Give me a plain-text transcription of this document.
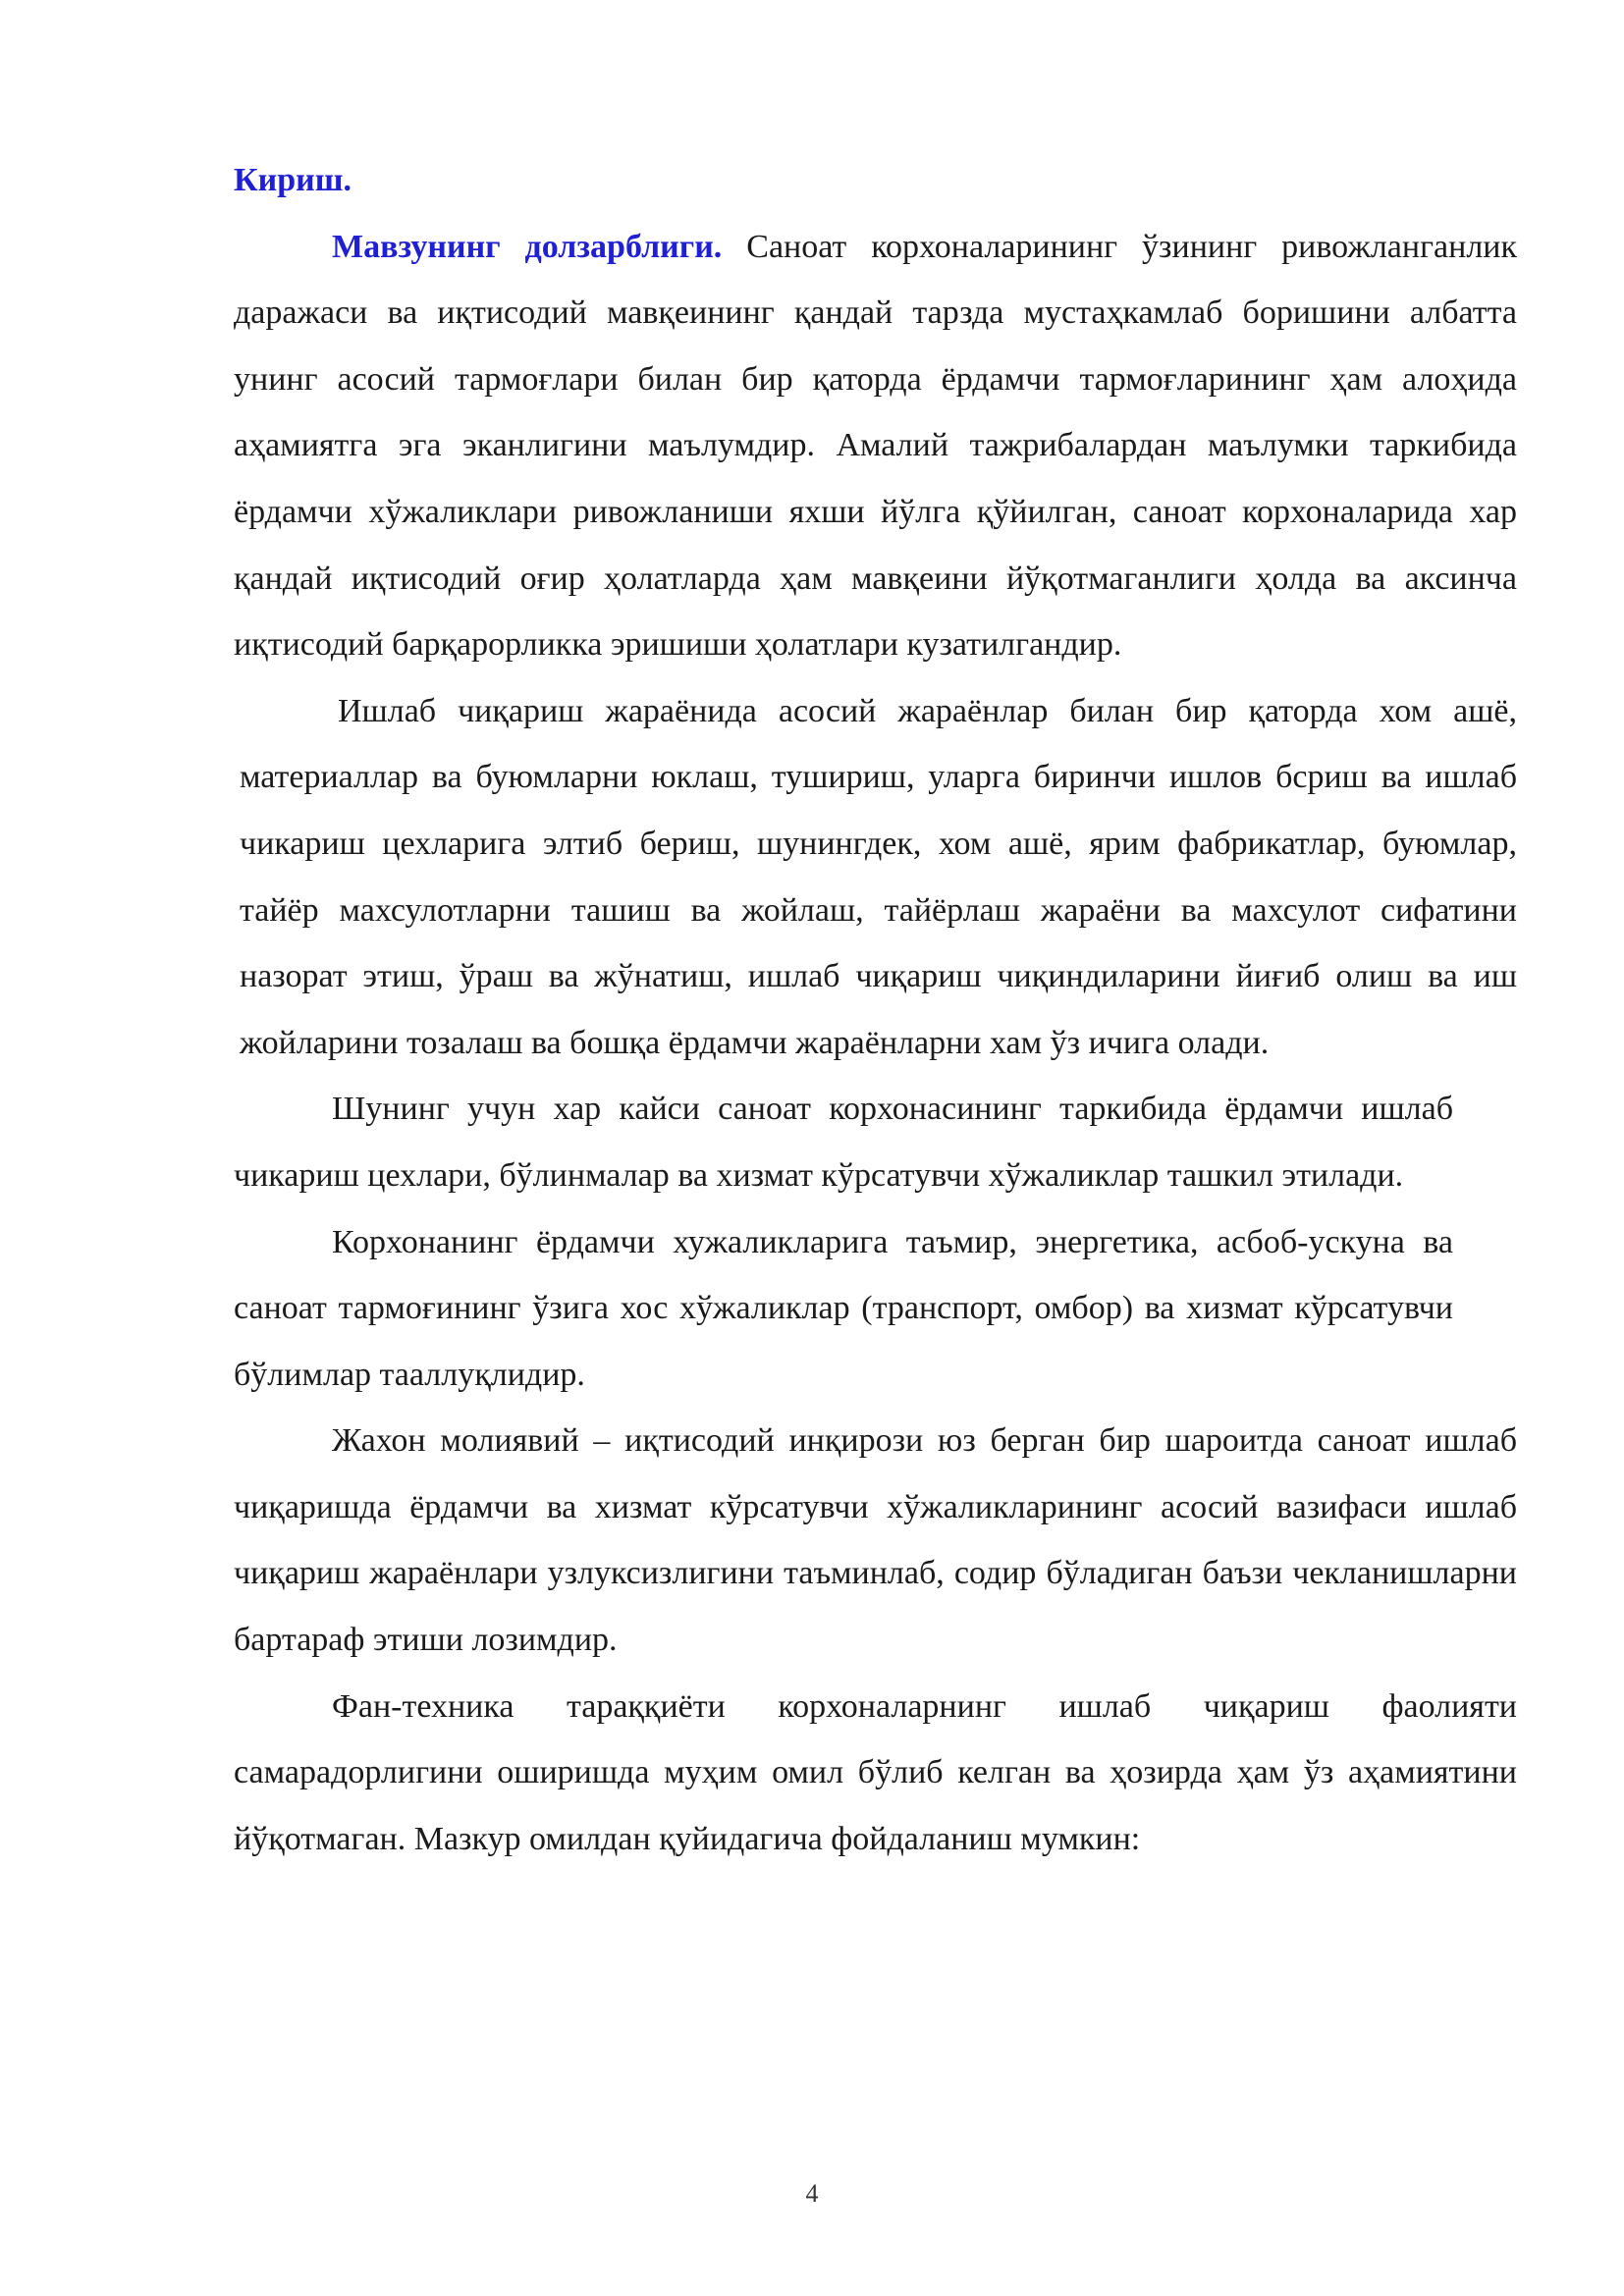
Кириш.

Мавзунинг долзарблиги. Саноат корхоналарининг ўзининг ривожланганлик даражаси ва иқтисодий мавқеининг қандай тарзда мустаҳкамлаб боришини албатта унинг асосий тармоғлари билан бир қаторда ёрдамчи тармоғларининг ҳам алоҳида аҳамиятга эга эканлигини маълумдир. Амалий тажрибалардан маълумки таркибида ёрдамчи хўжаликлари ривожланиши яхши йўлга қўйилган, саноат корхоналарида хар қандай иқтисодий оғир ҳолатларда ҳам мавқеини йўқотмаганлиги ҳолда ва аксинча иқтисодий барқарорликка эришиши ҳолатлари кузатилгандир.

Ишлаб чиқариш жараёнида асосий жараёнлар билан бир қаторда хом ашё, материаллар ва буюмларни юклаш, тушириш, уларга биринчи ишлов бсриш ва ишлаб чикариш цехларига элтиб бериш, шунингдек, хом ашё, ярим фабрикатлар, буюмлар, тайёр махсулотларни ташиш ва жойлаш, тайёрлаш жараёни ва махсулот сифатини назорат этиш, ўраш ва жўнатиш, ишлаб чиқариш чиқиндиларини йиғиб олиш ва иш жойларини тозалаш ва бошқа ёрдамчи жараёнларни хам ўз ичига олади.

Шунинг учун хар кайси саноат корхонасининг таркибида ёрдамчи ишлаб чикариш цехлари, бўлинмалар ва хизмат кўрсатувчи хўжаликлар ташкил этилади.

Корхонанинг ёрдамчи хужаликларига таъмир, энергетика, асбоб-ускуна ва саноат тармоғининг ўзига хос хўжаликлар (транспорт, омбор) ва хизмат кўрсатувчи бўлимлар тааллуқлидир.

Жахон молиявий – иқтисодий инқирози юз берган бир шароитда саноат ишлаб чиқаришда ёрдамчи ва хизмат кўрсатувчи хўжаликларининг асосий вазифаси ишлаб чиқариш жараёнлари узлуксизлигини таъминлаб, содир бўладиган баъзи чекланишларни бартараф этиши лозимдир.

Фан-техника тараққиёти корхоналарнинг ишлаб чиқариш фаолияти самарадорлигини оширишда муҳим омил бўлиб келган ва ҳозирда ҳам ўз аҳамиятини йўқотмаган. Мазкур омилдан қуйидагича фойдаланиш мумкин:

4
